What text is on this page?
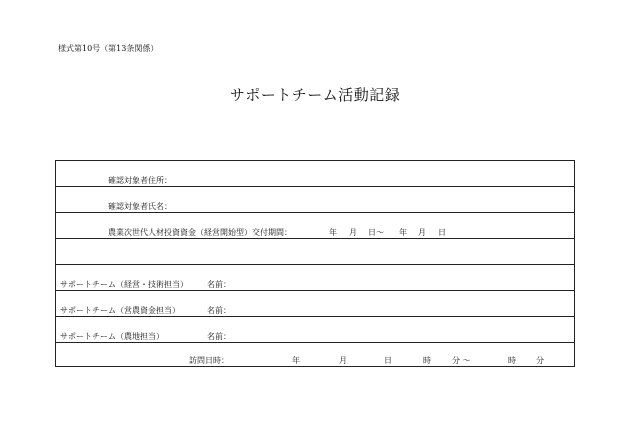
様式第10号（第13条関係）
サポートチーム活動記録
確認対象者住所：
確認対象者氏名：
農業次世代人材投資資金（経営開始型）交付期間：	年 月 日～ 年 月 日
サポートチーム（経営・技術担当） 名前：
サポートチーム（営農資金担当）	名前：
サポートチーム（農地担当）	名前：
訪問日時：	年	月	日	時	分 ～	時	分
